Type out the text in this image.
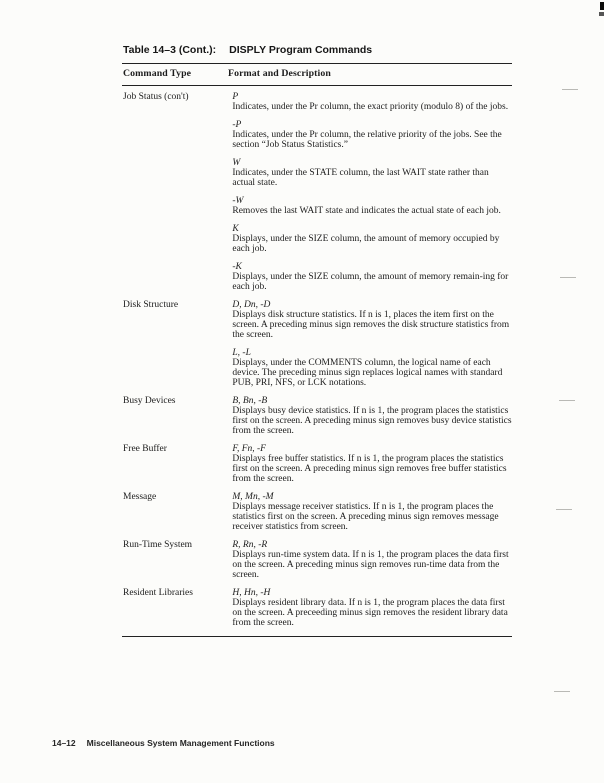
Table 14–3 (Cont.): DISPLY Program Commands
Command Type	Format and Description
Job Status (con't)	P
Indicates, under the Pr column, the exact priority (modulo 8) of the jobs.
-P
Indicates, under the Pr column, the relative priority of the jobs. See the section “Job Status Statistics.”
W
Indicates, under the STATE column, the last WAIT state rather than actual state.
-W
Removes the last WAIT state and indicates the actual state of each job.
K
Displays, under the SIZE column, the amount of memory occupied by each job.
-K
Displays, under the SIZE column, the amount of memory remain-ing for each job.
Disk Structure	D, Dn, -D
Displays disk structure statistics. If n is 1, places the item first on the screen. A preceding minus sign removes the disk structure statistics from the screen.
L, -L
Displays, under the COMMENTS column, the logical name of each device. The preceding minus sign replaces logical names with standard PUB, PRI, NFS, or LCK notations.
Busy Devices	B, Bn, -B
Displays busy device statistics. If n is 1, the program places the statistics first on the screen. A preceding minus sign removes busy device statistics from the screen.
Free Buffer	F, Fn, -F
Displays free buffer statistics. If n is 1, the program places the statistics first on the screen. A preceding minus sign removes free buffer statistics from the screen.
Message	M, Mn, -M
Displays message receiver statistics. If n is 1, the program places the statistics first on the screen. A preceding minus sign removes message receiver statistics from screen.
Run-Time System	R, Rn, -R
Displays run-time system data. If n is 1, the program places the data first on the screen. A preceding minus sign removes run-time data from the screen.
Resident Libraries	H, Hn, -H
Displays resident library data. If n is 1, the program places the data first on the screen. A preceeding minus sign removes the resident library data from the screen.
14–12 Miscellaneous System Management Functions
